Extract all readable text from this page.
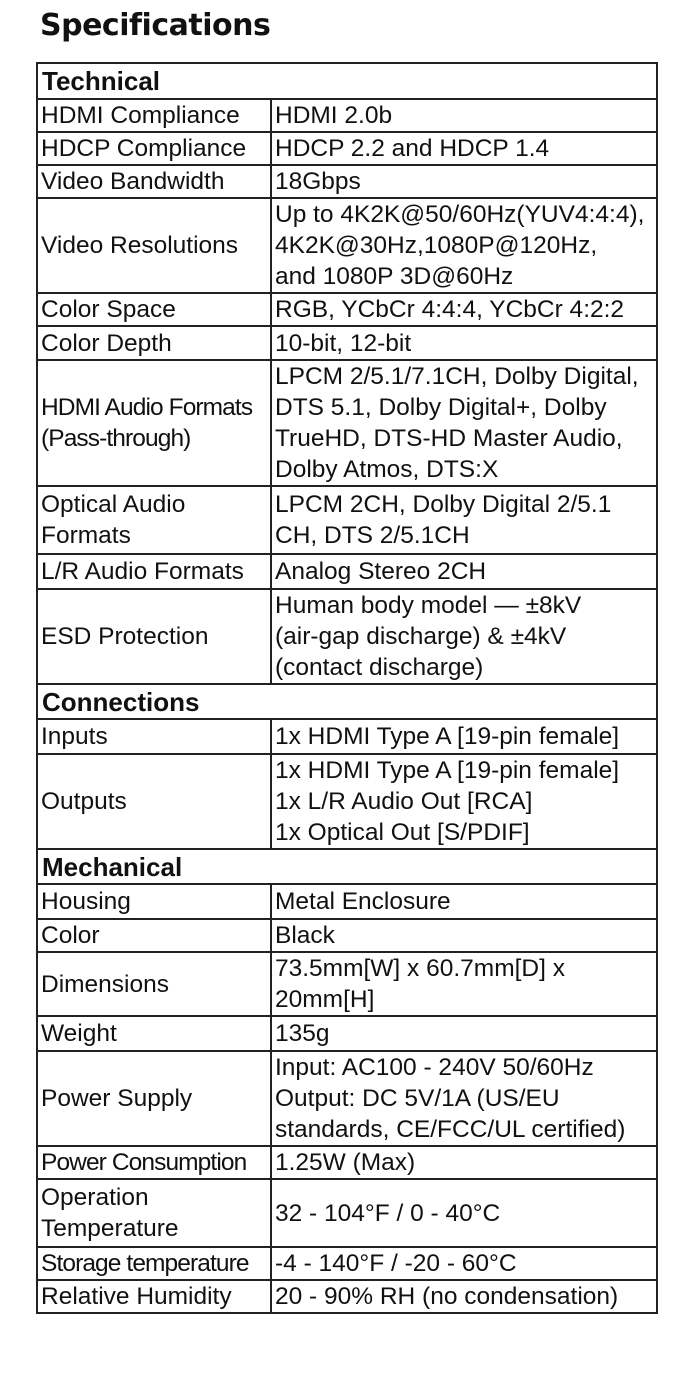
Specifications
Technical	

HDMI Compliance	HDMI 2.0b

HDCP Compliance	HDCP 2.2 and HDCP 1.4

Video Bandwidth	18Gbps

Video Resolutions	Up to 4K2K@50/60Hz(YUV4:4:4),
4K2K@30Hz,1080P@120Hz,
and 1080P 3D@60Hz

Color Space	RGB, YCbCr 4:4:4, YCbCr 4:2:2

Color Depth	10-bit, 12-bit

HDMI Audio Formats
(Pass-through)	LPCM 2/5.1/7.1CH, Dolby Digital,
DTS 5.1, Dolby Digital+, Dolby
TrueHD, DTS-HD Master Audio,
Dolby Atmos, DTS:X

Optical Audio
Formats	LPCM 2CH, Dolby Digital 2/5.1
CH, DTS 2/5.1CH

L/R Audio Formats	Analog Stereo 2CH

ESD Protection	Human body model — ±8kV
(air-gap discharge) & ±4kV
(contact discharge)

Connections	

Inputs	1x HDMI Type A [19-pin female]

Outputs	1x HDMI Type A [19-pin female]
1x L/R Audio Out [RCA]
1x Optical Out [S/PDIF]

Mechanical	

Housing	Metal Enclosure

Color	Black

Dimensions	73.5mm[W] x 60.7mm[D] x
20mm[H]

Weight	135g

Power Supply	Input: AC100 - 240V 50/60Hz
Output: DC 5V/1A (US/EU
standards, CE/FCC/UL certified)

Power Consumption	1.25W (Max)

Operation
Temperature	32 - 104°F / 0 - 40°C

Storage temperature	-4 - 140°F / -20 - 60°C

Relative Humidity	20 - 90% RH (no condensation)
